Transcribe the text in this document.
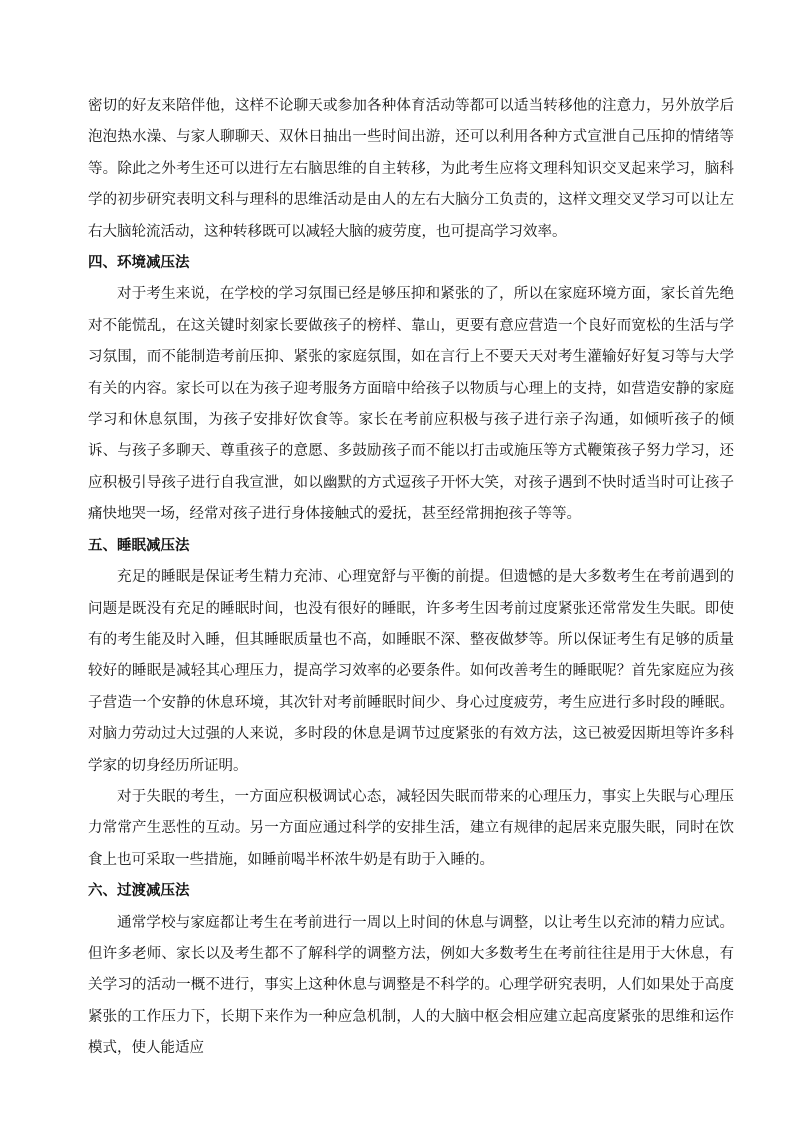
密切的好友来陪伴他，这样不论聊天或参加各种体育活动等都可以适当转移他的注意力，另外放学后泡泡热水澡、与家人聊聊天、双休日抽出一些时间出游，还可以利用各种方式宣泄自己压抑的情绪等等。除此之外考生还可以进行左右脑思维的自主转移，为此考生应将文理科知识交叉起来学习，脑科学的初步研究表明文科与理科的思维活动是由人的左右大脑分工负责的，这样文理交叉学习可以让左右大脑轮流活动，这种转移既可以减轻大脑的疲劳度，也可提高学习效率。

四、环境减压法

对于考生来说，在学校的学习氛围已经是够压抑和紧张的了，所以在家庭环境方面，家长首先绝对不能慌乱，在这关键时刻家长要做孩子的榜样、靠山，更要有意应营造一个良好而宽松的生活与学习氛围，而不能制造考前压抑、紧张的家庭氛围，如在言行上不要天天对考生灌输好好复习等与大学有关的内容。家长可以在为孩子迎考服务方面暗中给孩子以物质与心理上的支持，如营造安静的家庭学习和休息氛围，为孩子安排好饮食等。家长在考前应积极与孩子进行亲子沟通，如倾听孩子的倾诉、与孩子多聊天、尊重孩子的意愿、多鼓励孩子而不能以打击或施压等方式鞭策孩子努力学习，还应积极引导孩子进行自我宣泄，如以幽默的方式逗孩子开怀大笑，对孩子遇到不快时适当时可让孩子痛快地哭一场，经常对孩子进行身体接触式的爱抚，甚至经常拥抱孩子等等。

五、睡眠减压法

充足的睡眠是保证考生精力充沛、心理宽舒与平衡的前提。但遗憾的是大多数考生在考前遇到的问题是既没有充足的睡眠时间，也没有很好的睡眠，许多考生因考前过度紧张还常常发生失眠。即使有的考生能及时入睡，但其睡眠质量也不高，如睡眠不深、整夜做梦等。所以保证考生有足够的质量较好的睡眠是减轻其心理压力，提高学习效率的必要条件。如何改善考生的睡眠呢？首先家庭应为孩子营造一个安静的休息环境，其次针对考前睡眠时间少、身心过度疲劳，考生应进行多时段的睡眠。对脑力劳动过大过强的人来说，多时段的休息是调节过度紧张的有效方法，这已被爱因斯坦等许多科学家的切身经历所证明。

对于失眠的考生，一方面应积极调试心态，减轻因失眠而带来的心理压力，事实上失眠与心理压力常常产生恶性的互动。另一方面应通过科学的安排生活，建立有规律的起居来克服失眠，同时在饮食上也可采取一些措施，如睡前喝半杯浓牛奶是有助于入睡的。

六、过渡减压法

通常学校与家庭都让考生在考前进行一周以上时间的休息与调整，以让考生以充沛的精力应试。但许多老师、家长以及考生都不了解科学的调整方法，例如大多数考生在考前往往是用于大休息，有关学习的活动一概不进行，事实上这种休息与调整是不科学的。心理学研究表明，人们如果处于高度紧张的工作压力下，长期下来作为一种应急机制，人的大脑中枢会相应建立起高度紧张的思维和运作模式，使人能适应
